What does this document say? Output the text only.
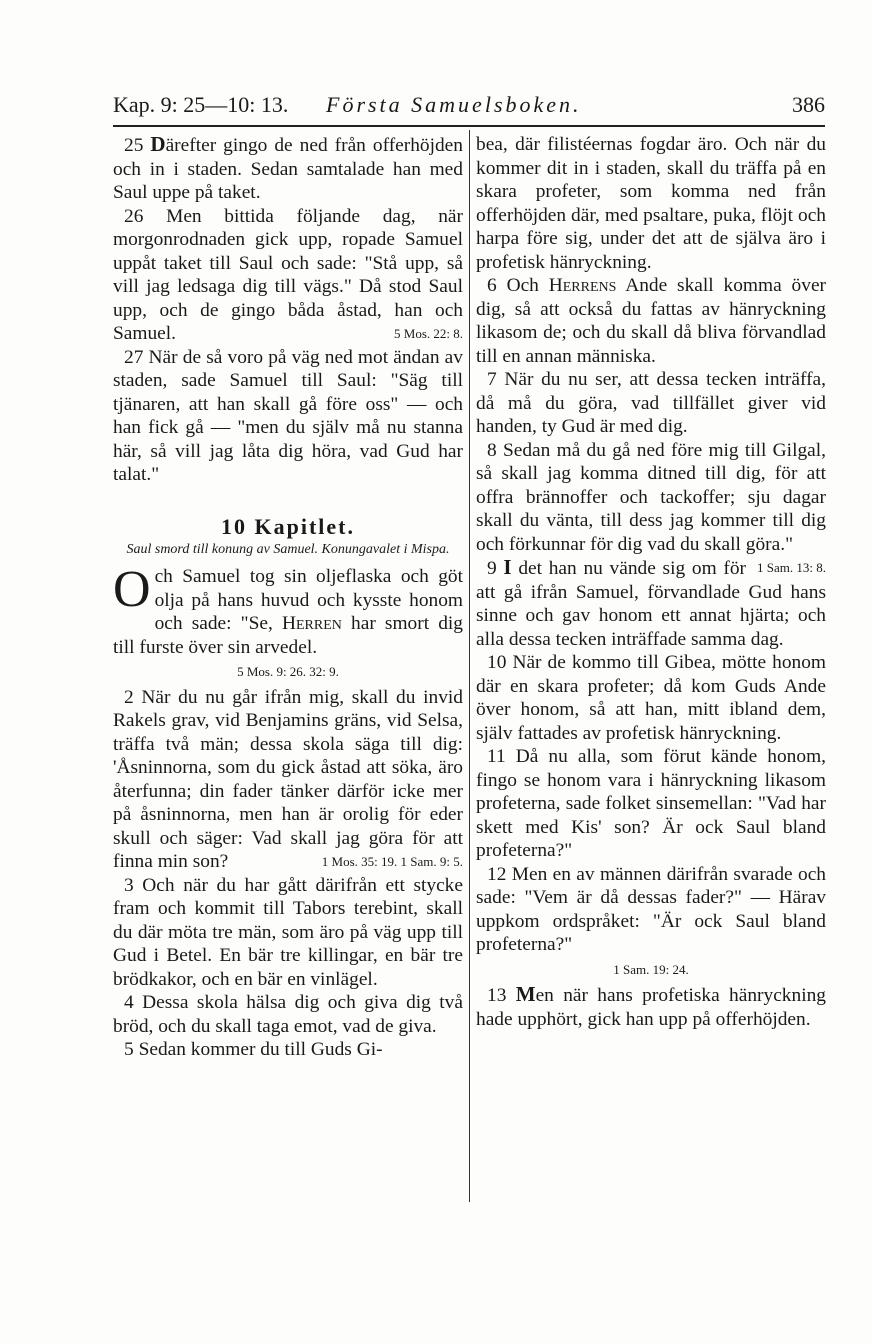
Kap. 9: 25—10: 13. Första Samuelsboken.	386

25 Därefter gingo de ned från offerhöjden och in i staden. Sedan samtalade han med Saul uppe på taket.

26 Men bittida följande dag, när morgonrodnaden gick upp, ropade Samuel uppåt taket till Saul och sade: "Stå upp, så vill jag ledsaga dig till vägs." Då stod Saul upp, och de gingo båda åstad, han och Samuel.	5 Mos. 22: 8.

27 När de så voro på väg ned mot ändan av staden, sade Samuel till Saul: "Säg till tjänaren, att han skall gå före oss" — och han fick gå — "men du själv må nu stanna här, så vill jag låta dig höra, vad Gud har talat."

10 Kapitlet.
Saul smord till konung av Samuel. Konungavalet i Mispa.

Och Samuel tog sin oljeflaska och göt olja på hans huvud och kysste honom och sade: "Se, Herren har smort dig till furste över sin arvedel.

5 Mos. 9: 26. 32: 9.

2 När du nu går ifrån mig, skall du invid Rakels grav, vid Benjamins gräns, vid Selsa, träffa två män; dessa skola säga till dig: 'Åsninnorna, som du gick åstad att söka, äro återfunna; din fader tänker därför icke mer på åsninnorna, men han är orolig för eder skull och säger: Vad skall jag göra för att finna min son?	1 Mos. 35: 19. 1 Sam. 9: 5.

3 Och när du har gått därifrån ett stycke fram och kommit till Tabors terebint, skall du där möta tre män, som äro på väg upp till Gud i Betel. En bär tre killingar, en bär tre brödkakor, och en bär en vinlägel.

4 Dessa skola hälsa dig och giva dig två bröd, och du skall taga emot, vad de giva.

5 Sedan kommer du till Guds Gi-

bea, där filistéernas fogdar äro. Och när du kommer dit in i staden, skall du träffa på en skara profeter, som komma ned från offerhöjden där, med psaltare, puka, flöjt och harpa före sig, under det att de själva äro i profetisk hänryckning.

6 Och Herrens Ande skall komma över dig, så att också du fattas av hänryckning likasom de; och du skall då bliva förvandlad till en annan människa.

7 När du nu ser, att dessa tecken inträffa, då må du göra, vad tillfället giver vid handen, ty Gud är med dig.

8 Sedan må du gå ned före mig till Gilgal, så skall jag komma ditned till dig, för att offra brännoffer och tackoffer; sju dagar skall du vänta, till dess jag kommer till dig och förkunnar för dig vad du skall göra."
1 Sam. 13: 8.

9 I det han nu vände sig om för att gå ifrån Samuel, förvandlade Gud hans sinne och gav honom ett annat hjärta; och alla dessa tecken inträffade samma dag.

10 När de kommo till Gibea, mötte honom där en skara profeter; då kom Guds Ande över honom, så att han, mitt ibland dem, själv fattades av profetisk hänryckning.

11 Då nu alla, som förut kände honom, fingo se honom vara i hänryckning likasom profeterna, sade folket sinsemellan: "Vad har skett med Kis' son? Är ock Saul bland profeterna?"

12 Men en av männen därifrån svarade och sade: "Vem är då dessas fader?" — Härav uppkom ordspråket: "Är ock Saul bland profeterna?"

1 Sam. 19: 24.

13 Men när hans profetiska hänryckning hade upphört, gick han upp på offerhöjden.
